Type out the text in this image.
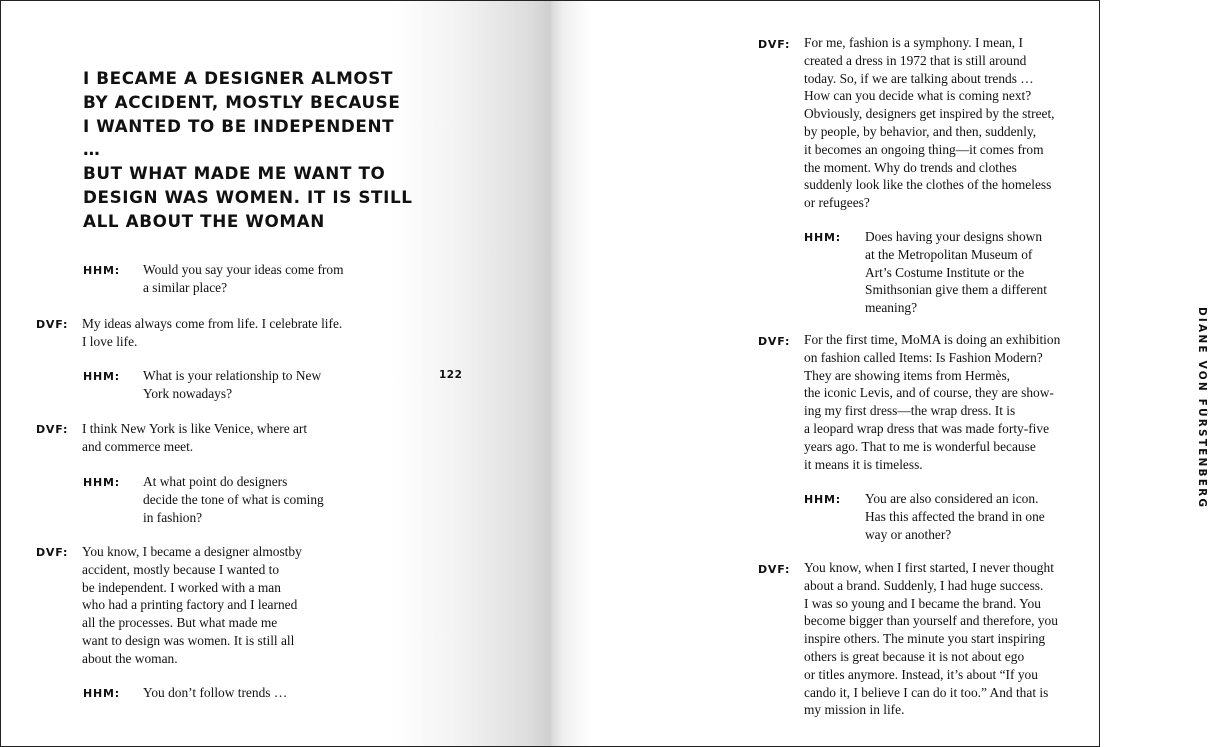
I BECAME A DESIGNER ALMOST
BY ACCIDENT, MOSTLY BECAUSE
I WANTED TO BE INDEPENDENT …
BUT WHAT MADE ME WANT TO
DESIGN WAS WOMEN. IT IS STILL
ALL ABOUT THE WOMAN

HHM: Would you say your ideas come from
a similar place?

DVF: My ideas always come from life. I celebrate life.
I love life.

HHM: What is your relationship to New
York nowadays?

DVF: I think New York is like Venice, where art
and commerce meet.

HHM: At what point do designers
decide the tone of what is coming
in fashion?

DVF: You know, I became a designer almostby
accident, mostly because I wanted to
be independent. I worked with a man
who had a printing factory and I learned
all the processes. But what made me
want to design was women. It is still all
about the woman.

HHM: You don’t follow trends …

122	DIANE VON FÜRSTENBERG
DVF: For me, fashion is a symphony. I mean, I
created a dress in 1972 that is still around
today. So, if we are talking about trends …
How can you decide what is coming next?
Obviously, designers get inspired by the street,
by people, by behavior, and then, suddenly,
it becomes an ongoing thing—it comes from
the moment. Why do trends and clothes
suddenly look like the clothes of the homeless
or refugees?

HHM: Does having your designs shown
at the Metropolitan Museum of
Art’s Costume Institute or the
Smithsonian give them a different
meaning?

DVF: For the first time, MoMA is doing an exhibition
on fashion called Items: Is Fashion Modern?
They are showing items from Hermès,
the iconic Levis, and of course, they are show-
ing my first dress—the wrap dress. It is
a leopard wrap dress that was made forty-five
years ago. That to me is wonderful because
it means it is timeless.

HHM: You are also considered an icon.
Has this affected the brand in one
way or another?

DVF: You know, when I first started, I never thought
about a brand. Suddenly, I had huge success.
I was so young and I became the brand. You
become bigger than yourself and therefore, you
inspire others. The minute you start inspiring
others is great because it is not about ego
or titles anymore. Instead, it’s about “If you
cando it, I believe I can do it too.” And that is
my mission in life.
